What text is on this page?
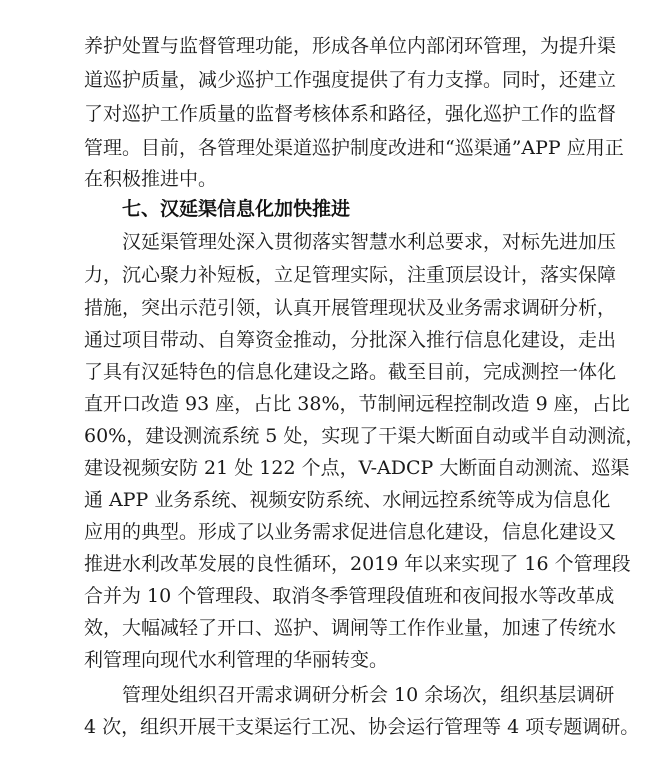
养护处置与监督管理功能，形成各单位内部闭环管理，为提升渠
道巡护质量，减少巡护工作强度提供了有力支撑。同时，还建立
了对巡护工作质量的监督考核体系和路径，强化巡护工作的监督
管理。目前，各管理处渠道巡护制度改进和“巡渠通”APP 应用正
在积极推进中。
七、汉延渠信息化加快推进
汉延渠管理处深入贯彻落实智慧水利总要求，对标先进加压
力，沉心聚力补短板，立足管理实际，注重顶层设计，落实保障
措施，突出示范引领，认真开展管理现状及业务需求调研分析，
通过项目带动、自筹资金推动，分批深入推行信息化建设，走出
了具有汉延特色的信息化建设之路。截至目前，完成测控一体化
直开口改造 93 座，占比 38%，节制闸远程控制改造 9 座，占比
60%，建设测流系统 5 处，实现了干渠大断面自动或半自动测流，
建设视频安防 21 处 122 个点，V-ADCP 大断面自动测流、巡渠
通 APP 业务系统、视频安防系统、水闸远控系统等成为信息化
应用的典型。形成了以业务需求促进信息化建设，信息化建设又
推进水利改革发展的良性循环，2019 年以来实现了 16 个管理段
合并为 10 个管理段、取消冬季管理段值班和夜间报水等改革成
效，大幅减轻了开口、巡护、调闸等工作作业量，加速了传统水
利管理向现代水利管理的华丽转变。
管理处组织召开需求调研分析会 10 余场次，组织基层调研
4 次，组织开展干支渠运行工况、协会运行管理等 4 项专题调研。
